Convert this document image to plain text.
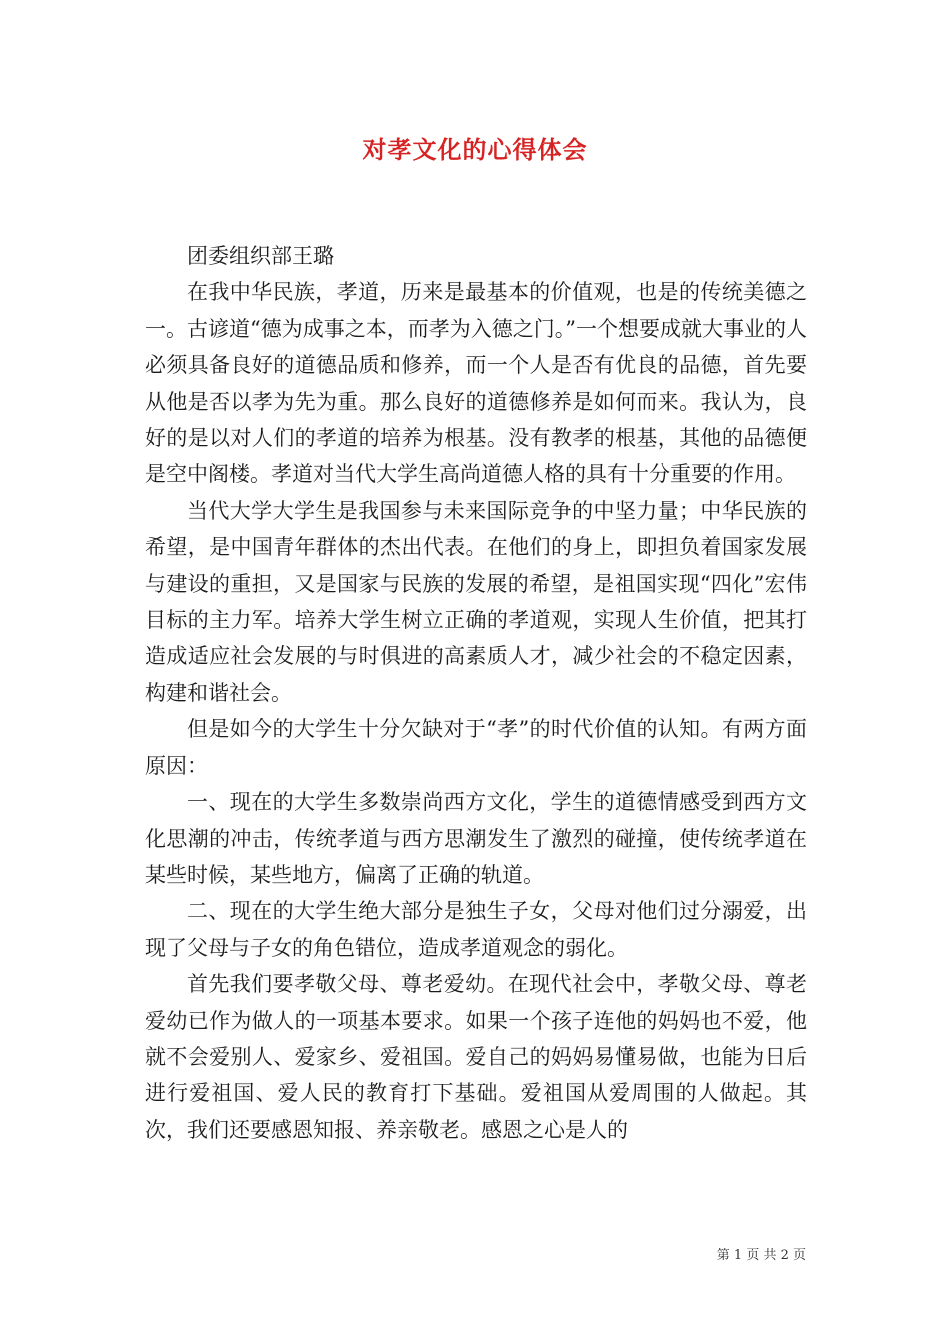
对孝文化的心得体会

团委组织部王璐

在我中华民族，孝道，历来是最基本的价值观，也是的传统美德之一。古谚道“德为成事之本，而孝为入德之门。”一个想要成就大事业的人必须具备良好的道德品质和修养，而一个人是否有优良的品德，首先要从他是否以孝为先为重。那么良好的道德修养是如何而来。我认为，良好的是以对人们的孝道的培养为根基。没有教孝的根基，其他的品德便是空中阁楼。孝道对当代大学生高尚道德人格的具有十分重要的作用。

当代大学大学生是我国参与未来国际竞争的中坚力量；中华民族的希望，是中国青年群体的杰出代表。在他们的身上，即担负着国家发展与建设的重担，又是国家与民族的发展的希望，是祖国实现“四化”宏伟目标的主力军。培养大学生树立正确的孝道观，实现人生价值，把其打造成适应社会发展的与时俱进的高素质人才，减少社会的不稳定因素，构建和谐社会。

但是如今的大学生十分欠缺对于“孝”的时代价值的认知。有两方面原因：

一、现在的大学生多数崇尚西方文化，学生的道德情感受到西方文化思潮的冲击，传统孝道与西方思潮发生了激烈的碰撞，使传统孝道在某些时候，某些地方，偏离了正确的轨道。

二、现在的大学生绝大部分是独生子女，父母对他们过分溺爱，出现了父母与子女的角色错位，造成孝道观念的弱化。

首先我们要孝敬父母、尊老爱幼。在现代社会中，孝敬父母、尊老爱幼已作为做人的一项基本要求。如果一个孩子连他的妈妈也不爱，他就不会爱别人、爱家乡、爱祖国。爱自己的妈妈易懂易做，也能为日后进行爱祖国、爱人民的教育打下基础。爱祖国从爱周围的人做起。其次，我们还要感恩知报、养亲敬老。感恩之心是人的

第 1 页 共 2 页
